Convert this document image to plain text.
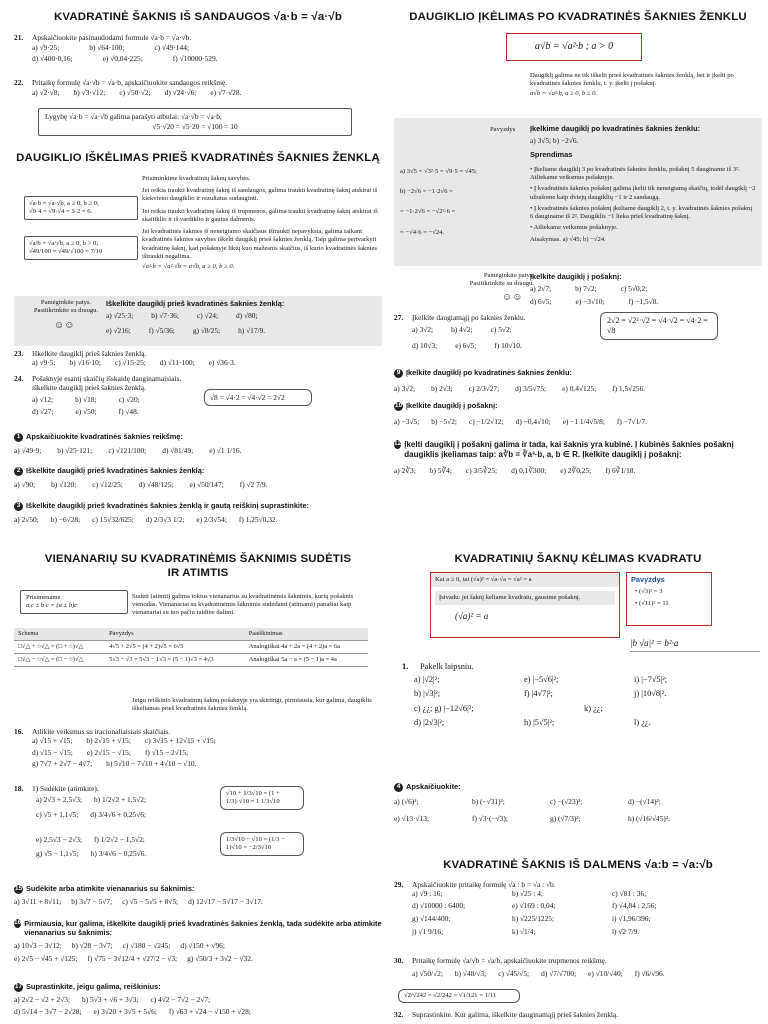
KVADRATINĖ ŠAKNIS IŠ SANDAUGOS √a·b = √a·√b
21.	Apskaičiuokite pasinaudodami formule √a·b = √a·√b.
a) √9·25;	b) √64·100;	c) √49·144;
d) √400·0,16;	e) √0,04·225;	f) √10000·529.
22.	Pritaikę formulę √a·√b = √a·b, apskaičiuokite sandaugos reikšmę.
a) √2·√8; b) √3·√12; c) √50·√2; d) √24·√6; e) √7·√28.
Lygybę √a·b = √a·√b galima parašyti atbulai: √a·√b = √a·b,
√5·√20 = √5·20 = √100 = 10
DAUGIKLIO IŠKĖLIMAS PRIEŠ KVADRATINĖS ŠAKNIES ŽENKLĄ
Prisiminkime kvadratinių šaknų savybes.
Jei reikia traukti kvadratinę šaknį iš sandaugos, galima traukti kvadratinę šaknį atskirai iš kiekvieno daugiklio ir rezultatus sudauginti.
Jei reikia traukti kvadratinę šaknį iš trupmenos, galima traukti kvadratinę šaknį atskirai iš skaitiklio ir iš vardiklio ir gautus dalmenis.
Jei kvadratinės šaknies iš neneigiamo skaičiaus ištraukti nepavyksta, galima taikant kvadratinės šaknies savybes iškelti daugiklį prieš šaknies ženklą. Taip galima pertvarkyti kvadratinę šaknį, kad pošaknyje liktų kuo mažesnis skaičius, iš kurio kvadratinės šaknies ištraukti negalima.
√a²·b = √a²·√b = a√b, a ≥ 0, b ≥ 0.
√a·b = √a·√b, a ≥ 0, b ≥ 0;
√9·4 = √9·√4 = 3·2 = 6.
√a/b = √a/√b, a ≥ 0, b > 0;
√49/100 = √49/√100 = 7/10
Pamėginkite patys. Pasitikrinkite su draugu.
☺☺
Iškelkite daugiklį prieš kvadratinės šaknies ženklą:
a) √25·3; b) √7·36; c) √24; d) √80;
e) √216; f) √5/36; g) √8/25; h) √17/9.
23.	Iškelkite daugiklį prieš šaknies ženklą.
a) √9·5; b) √16·10; c) √15·25; d) √11·100; e) √36·3.
24.	Pošaknyje esantį skaičių išskaidę dauginamaisiais, iškelkite daugiklį prieš šaknies ženklą.
a) √12;	b) √18;	c) √20;
d) √27;	e) √50;	f) √48.
√8 = √4·2 = √4·√2 = 2√2
1 Apskaičiuokite kvadratinės šaknies reikšmę:
a) √49·9; b) √25·121; c) √121/100; d) √81/49; e) √1 1/16.
2 Iškelkite daugiklį prieš kvadratinės šaknies ženklą:
a) √90; b) √120; c) √12/25; d) √48/125; e) √50/147; f) √2 7/9.
3 Iškelkite daugiklį prieš kvadratinės šaknies ženklą ir gautą reiškinį suprastinkite:
a) 2√50; b) −6√28; c) 15√32/625; d) 2/3√3 1/2; e) 2/3√54; f) 1,25√0,32.
VIENANARIŲ SU KVADRATINĖMIS ŠAKNIMIS SUDĖTIS IR ATIMTIS
Prisimename
a·c ± b·c = (a ± b)c
Sudėti (atimti) galima tokius vienanarius su kvadratinėmis šaknimis, kurių pošaknis vienodas. Vienanariai su kvadratinėmis šaknimis sudedami (atimami) panašiai kaip vienanariai su tuo pačiu raidine dalimi.
Schema	Pavyzdys	Paaiškinimas
□√△ + ○√△ = (□ + ○)√△	4√5 + 2√5 = (4 + 2)√5 = 6√5	Analogiškai 4a + 2a = (4 + 2)a = 6a
□√△ − ○√△ = (□ − ○)√△	5√3 − √3 = 5√3 − 1√3 = (5 − 1)√3 = 4√3	Analogiškai 5a − a = (5 − 1)a = 4a
Jeigu reiškinio kvadratinių šaknų pošaknyje yra skirtingi, pirmiausia, kur galima, daugiklis iškeliamas prieš kvadratinės šaknies ženklą.
16.	Atlikite veiksmus su iracionaliaisiais skaičiais.
a) √15 + √15; b) 2√15 + √15; c) 3√15 + 12√15 + √15;
d) √15 − √15; e) 2√15 − √15; f) √15 − 2√15;
g) 7√7 + 2√7 − 4√7; h) 5√10 − 7√10 + 4√10 − √10.
18.	1) Sudėkite (atimkite).
a) 2√3 + 2,5√3; b) 1/2√2 + 1,5√2;
c) √5 + 1,1√5; d) 3/4√6 + 0,25√6;
e) 2,5√3 − 2√3; f) 1/2√2 − 1,5√2;
g) √5 − 1,1√5; h) 3/4√6 − 0,25√6.
√10 + 1/3√10 = (1 + 1/3)·√10 = 1 1/3√10
1/3√10 − √10 = (1/3 − 1)√10 = −2/3√10
15 Sudėkite arba atimkite vienanarius su šaknimis:
a) 3√11 + 8√11; b) 3√7 − 5√7; c) √5 − 5√5 + 8√5; d) 12√17 − 5√17 − 3√17.
16 Pirmiausia, kur galima, iškelkite daugiklį prieš kvadratinės šaknies ženklą, tada sudėkite arba atimkite vienanarius su šaknimis:
a) 10√3 − 3√12; b) √28 − 3√7; c) √180 − √245; d) √150 + √96;
e) 2√5 − √45 + √125; f) √75 − 3√12/4 + √27/2 − √3; g) √50/3 + 3√2 − √32.
17 Suprastinkite, jeigu galima, reiškinius:
a) 2√2 − √2 + 2√3; b) 5√3 + √6 + 3√3; c) 4√2 − 7√2 − 2√7;
d) 5√14 − 3√7 − 2√28; e) 3√20 + 3√5 + 5√6; f) √63 + √24 − √150 + √28;
DAUGIKLIO ĮKĖLIMAS PO KVADRATINĖS ŠAKNIES ŽENKLU
a√b = √a²·b ; a > 0
Daugiklį galima ne tik iškelti prieš kvadratinės šaknies ženklą, bet ir įkelti po kvadratinės šaknies ženklu, t. y. įkelti į pošaknį.
a√b = √a²·b, a ≥ 0, b ≥ 0.
Pavyzdys Įkelkime daugiklį po kvadratinės šaknies ženklu:
a) 3√5; b) −2√6.
Sprendimas
a) 3√5 = √3²·5 = √9·5 = √45;
b) −2√6 = −1·2√6 =
= −1·2√6 = −√2²·6 =
= −√4·6 = −√24.
• Įkeliame daugiklį 3 po kvadratinės šaknies ženklu, pošaknį 5 dauginame iš 3². Atliekame veiksmus pošaknyje.
• Į kvadratinės šaknies pošaknį galima įkelti tik neneigiamą skaičių, todėl daugiklį −2 užrašome kaip dviejų daugiklių −1 ir 2 sandaugą.
• Į kvadratinės šaknies pošaknį įkeliame daugiklį 2, t. y. kvadratinės šaknies pošaknį 6 dauginame iš 2². Daugiklis −1 lieka prieš kvadratinę šaknį.
• Atliekame veiksmus pošaknyje.
Atsakymas. a) √45; b) −√24.
Pamėginkite patys. Pasitikrinkite su draugu.
☺☺
Įkelkite daugiklį į pošaknį:
a) 2√7;	b) 7√2;	c) 5√0,2;
d) 6√5;	e) −3√10;	f) −1,5√8.
27.	Įkelkite daugiamąjį po šaknies ženklu.
a) 3√2; b) 4√2; c) 5√2;
d) 10√3; e) 6√5; f) 10√10.
2√2 = √2²·√2 = √4·√2 = √4·2 = √8
9 Įkelkite daugiklį po kvadratinės šaknies ženklu:
a) 3√2; b) 2√3; c) 2/3√27; d) 3/5√75; e) 0,4√125; f) 1,5√256.
10 Įkelkite daugiklį į pošaknį:
a) −3√5; b) −5√2; c) −1/2√12; d) −0,4√10; e) −1 1/4√5/8; f) −7√1/7.
12 Įkelti daugiklį į pošaknį galima ir tada, kai šaknis yra kubinė. Į kubinės šaknies pošaknį daugiklis įkeliamas taip: a∛b = ∛a³·b, a, b ∈ R. Įkelkite daugiklį į pošaknį:
a) 2∛3; b) 5∛4; c) 3/5∛25; d) 0,1∛300; e) 2∛0,25; f) 6∛1/18.
KVADRATINIŲ ŠAKNŲ KĖLIMAS KVADRATU
Kai a ≥ 0, tai (√a)² = √a·√a = √a² = a
Įsivadu: jei šaknį keliame kvadratu, gausime pošaknį.
(√a)² = a
Pavyzdys
• (√3)² = 3
• (√11)² = 11
|b √a|² = b²·a
1.	Pakelk laipsniu.
a) |√2|²;	e) |−5√6|²;	i) |−7√5|²;
b) |√3|²;	f) |4√7|²;	j) |10√8|².
c) ¿¿; g) |−12√6|²;	k) ¿¿;
d) |2√3|²;	h) |5√5|²;	l) ¿¿.
4 Apskaičiuokite:
a) (√6)²;	b) (−√31)²;	c) −(√23)²;	d) −(√14)²;
e) √13·√13;	f) √3·(−√3);	g) (√7/3)²;	h) (√16/√45)².
KVADRATINĖ ŠAKNIS IŠ DALMENS √a:b = √a:√b
29.	Apskaičiuokite pritaikę formulę √a : b = √a : √b.
a) √9 : 16;	b) √25 : 4;	c) √81 : 36;
d) √10000 : 6400;	e) √169 : 0,04;	f) √4,84 : 2,56;
g) √144/400;	h) √225/1225;	i) √1,96/396;
j) √1 9/16;	k) √1/4;	l) √2 7/9.
30.	Pritaikę formulę √a/√b = √a/b, apskaičiuokite trupmenos reikšmę.
a) √50/√2; b) √48/√3; c) √45/√5; d) √7/√700; e) √10/√40; f) √6/√96.
√2/√242 = √2/242 = √1/121 = 1/11
32.	Suprastinkite. Kur galima, iškelkite dauginamąjį prieš šaknies ženklą.
